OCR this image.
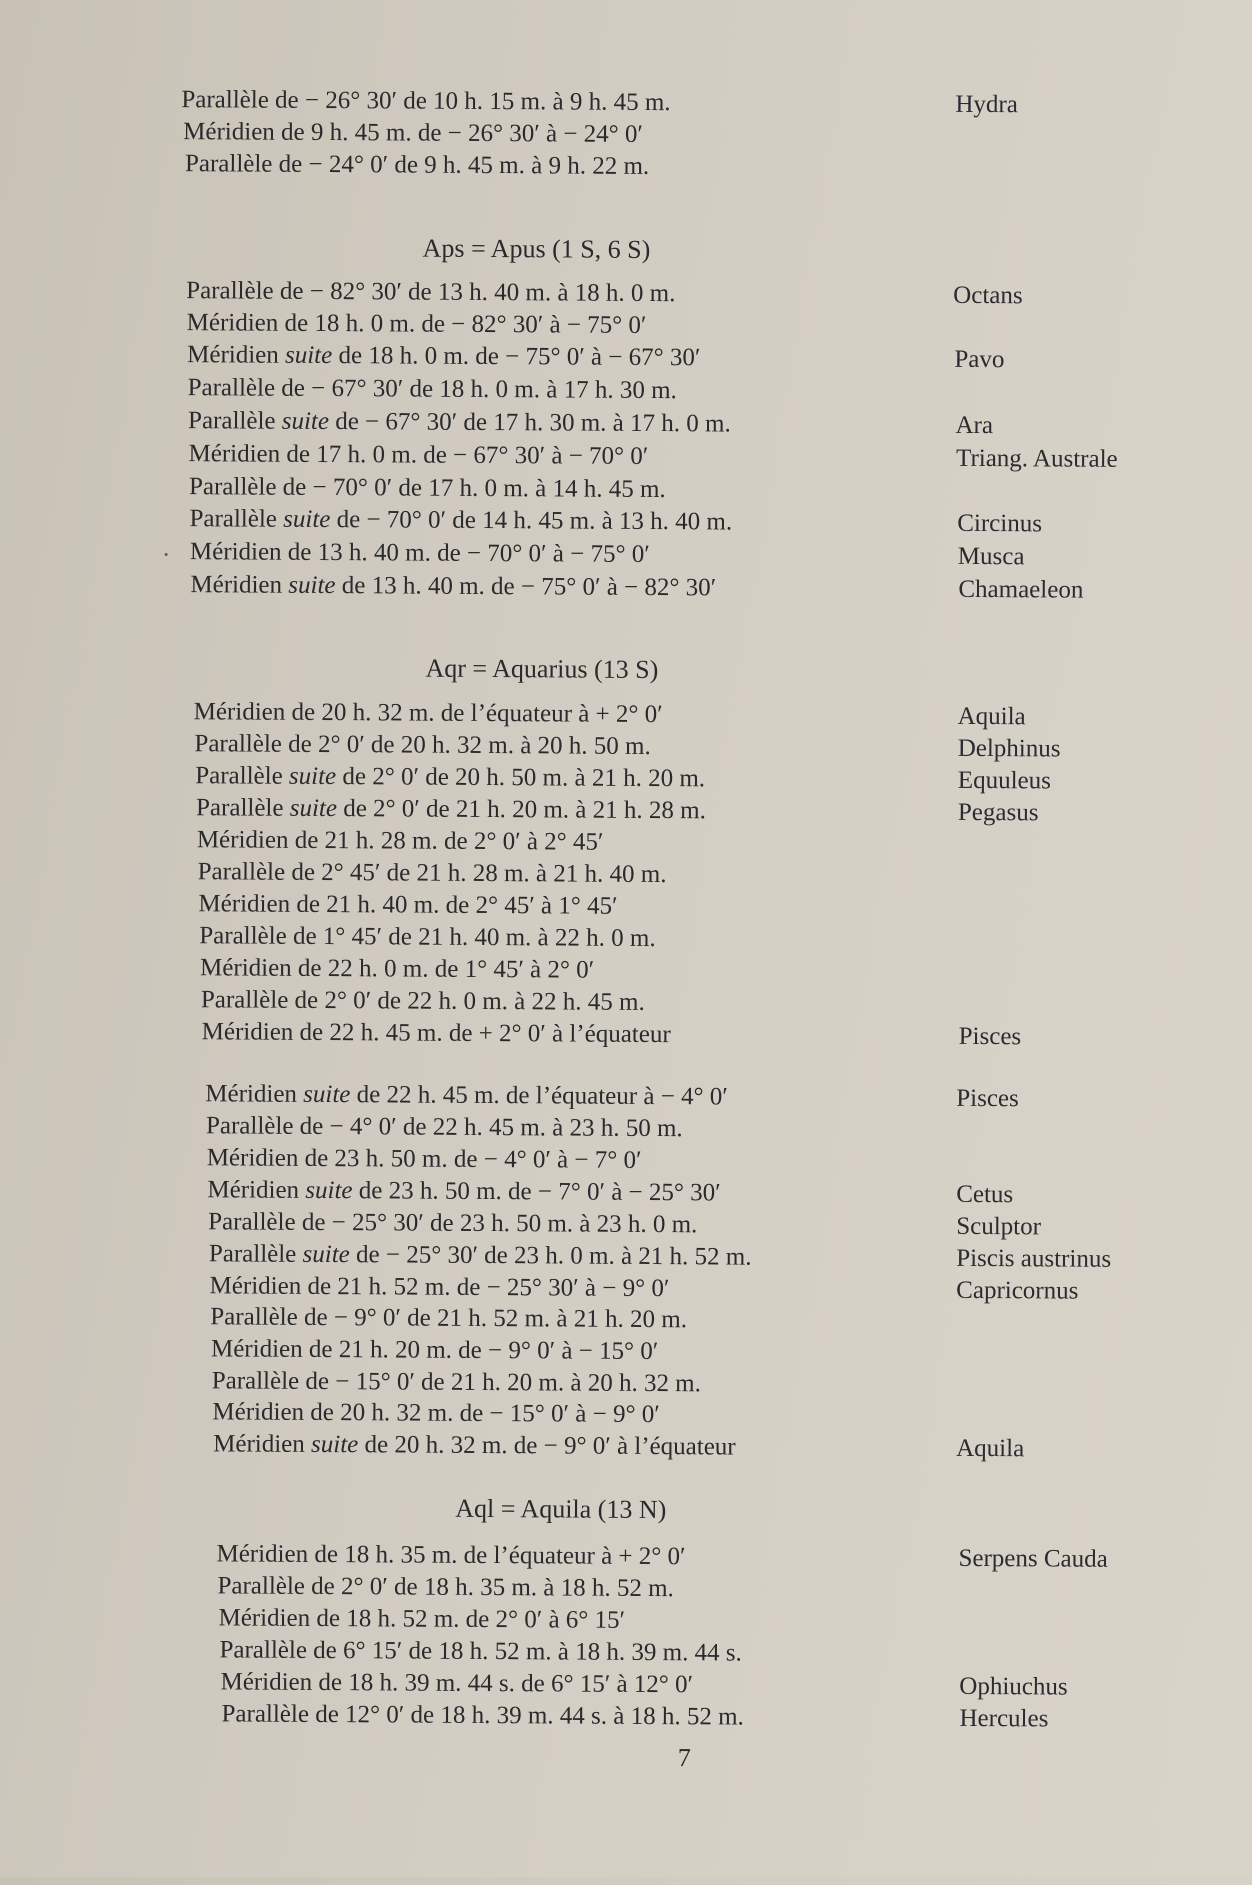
Parallèle de − 26° 30′ de 10 h. 15 m. à 9 h. 45 m.	Hydra
Méridien de 9 h. 45 m. de − 26° 30′ à − 24° 0′
Parallèle de − 24° 0′ de 9 h. 45 m. à 9 h. 22 m.
Aps = Apus (1 S, 6 S)
Parallèle de − 82° 30′ de 13 h. 40 m. à 18 h. 0 m.	Octans
Méridien de 18 h. 0 m. de − 82° 30′ à − 75° 0′
Méridien suite de 18 h. 0 m. de − 75° 0′ à − 67° 30′	Pavo
Parallèle de − 67° 30′ de 18 h. 0 m. à 17 h. 30 m.
Parallèle suite de − 67° 30′ de 17 h. 30 m. à 17 h. 0 m.	Ara
Méridien de 17 h. 0 m. de − 67° 30′ à − 70° 0′	Triang. Australe
Parallèle de − 70° 0′ de 17 h. 0 m. à 14 h. 45 m.
Parallèle suite de − 70° 0′ de 14 h. 45 m. à 13 h. 40 m.	Circinus
Méridien de 13 h. 40 m. de − 70° 0′ à − 75° 0′	Musca
Méridien suite de 13 h. 40 m. de − 75° 0′ à − 82° 30′	Chamaeleon
Aqr = Aquarius (13 S)
Méridien de 20 h. 32 m. de l’équateur à + 2° 0′	Aquila
Parallèle de 2° 0′ de 20 h. 32 m. à 20 h. 50 m.	Delphinus
Parallèle suite de 2° 0′ de 20 h. 50 m. à 21 h. 20 m.	Equuleus
Parallèle suite de 2° 0′ de 21 h. 20 m. à 21 h. 28 m.	Pegasus
Méridien de 21 h. 28 m. de 2° 0′ à 2° 45′
Parallèle de 2° 45′ de 21 h. 28 m. à 21 h. 40 m.
Méridien de 21 h. 40 m. de 2° 45′ à 1° 45′
Parallèle de 1° 45′ de 21 h. 40 m. à 22 h. 0 m.
Méridien de 22 h. 0 m. de 1° 45′ à 2° 0′
Parallèle de 2° 0′ de 22 h. 0 m. à 22 h. 45 m.
Méridien de 22 h. 45 m. de + 2° 0′ à l’équateur	Pisces
Méridien suite de 22 h. 45 m. de l’équateur à − 4° 0′	Pisces
Parallèle de − 4° 0′ de 22 h. 45 m. à 23 h. 50 m.
Méridien de 23 h. 50 m. de − 4° 0′ à − 7° 0′
Méridien suite de 23 h. 50 m. de − 7° 0′ à − 25° 30′	Cetus
Parallèle de − 25° 30′ de 23 h. 50 m. à 23 h. 0 m.	Sculptor
Parallèle suite de − 25° 30′ de 23 h. 0 m. à 21 h. 52 m.	Piscis austrinus
Méridien de 21 h. 52 m. de − 25° 30′ à − 9° 0′	Capricornus
Parallèle de − 9° 0′ de 21 h. 52 m. à 21 h. 20 m.
Méridien de 21 h. 20 m. de − 9° 0′ à − 15° 0′
Parallèle de − 15° 0′ de 21 h. 20 m. à 20 h. 32 m.
Méridien de 20 h. 32 m. de − 15° 0′ à − 9° 0′
Méridien suite de 20 h. 32 m. de − 9° 0′ à l’équateur	Aquila
Aql = Aquila (13 N)
Méridien de 18 h. 35 m. de l’équateur à + 2° 0′	Serpens Cauda
Parallèle de 2° 0′ de 18 h. 35 m. à 18 h. 52 m.
Méridien de 18 h. 52 m. de 2° 0′ à 6° 15′
Parallèle de 6° 15′ de 18 h. 52 m. à 18 h. 39 m. 44 s.
Méridien de 18 h. 39 m. 44 s. de 6° 15′ à 12° 0′	Ophiuchus
Parallèle de 12° 0′ de 18 h. 39 m. 44 s. à 18 h. 52 m.	Hercules
7
